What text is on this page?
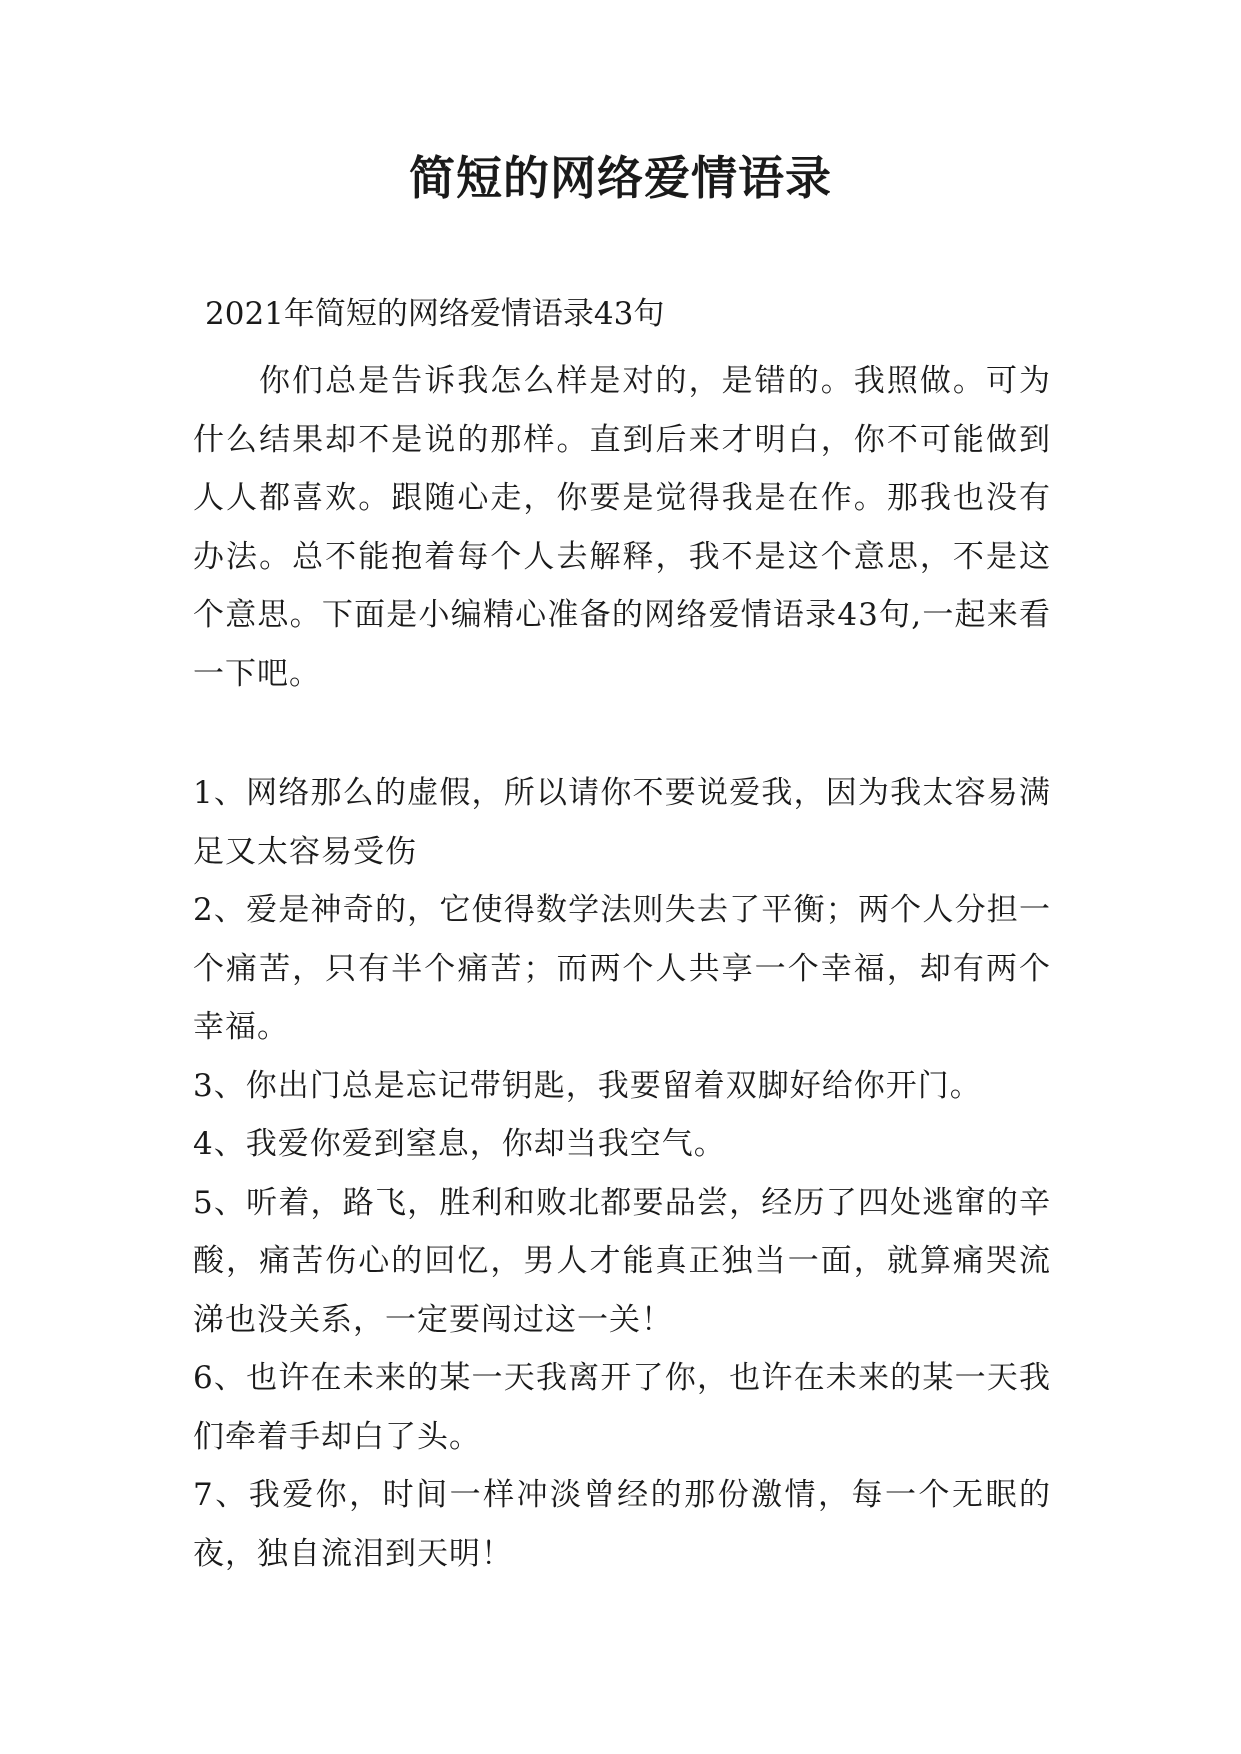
简短的网络爱情语录
2021年简短的网络爱情语录43句
你们总是告诉我怎么样是对的，是错的。我照做。可为什么结果却不是说的那样。直到后来才明白，你不可能做到人人都喜欢。跟随心走，你要是觉得我是在作。那我也没有办法。总不能抱着每个人去解释，我不是这个意思，不是这个意思。下面是小编精心准备的网络爱情语录43句,一起来看一下吧。

1、网络那么的虚假，所以请你不要说爱我，因为我太容易满足又太容易受伤

2、爱是神奇的，它使得数学法则失去了平衡；两个人分担一个痛苦，只有半个痛苦；而两个人共享一个幸福，却有两个幸福。

3、你出门总是忘记带钥匙，我要留着双脚好给你开门。

4、我爱你爱到窒息，你却当我空气。

5、听着，路飞，胜利和败北都要品尝，经历了四处逃窜的辛酸，痛苦伤心的回忆，男人才能真正独当一面，就算痛哭流涕也没关系，一定要闯过这一关！

6、也许在未来的某一天我离开了你，也许在未来的某一天我们牵着手却白了头。

7、我爱你，时间一样冲淡曾经的那份激情，每一个无眠的夜，独自流泪到天明！
